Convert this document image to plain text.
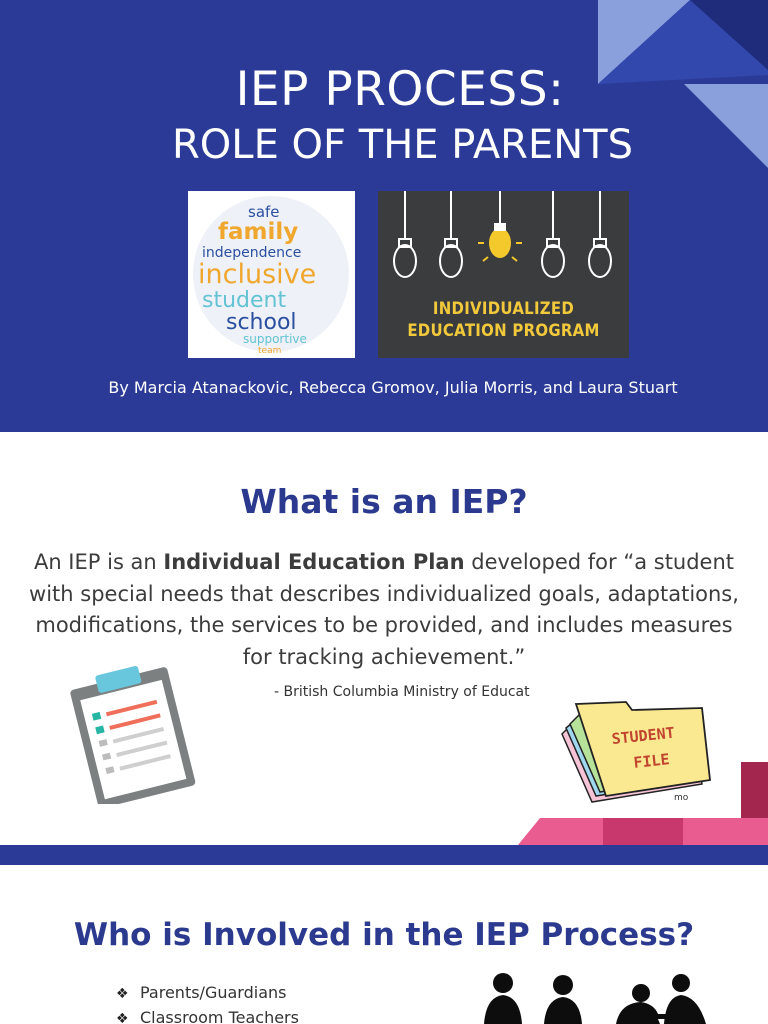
IEP PROCESS:
ROLE OF THE PARENTS
safe
family
independence
inclusive
student
school
supportive
team
INDIVIDUALIZED
EDUCATION PROGRAM
By Marcia Atanackovic, Rebecca Gromov, Julia Morris, and Laura Stuart
What is an IEP?

An IEP is an Individual Education Plan developed for “a student with special needs that describes individualized goals, adaptations, modifications, the services to be provided, and includes measures for tracking achievement.”

- British Columbia Ministry of Educat
STUDENT
FILE
mo
Who is Involved in the IEP Process?
❖ Parents/Guardians
❖ Classroom Teachers
